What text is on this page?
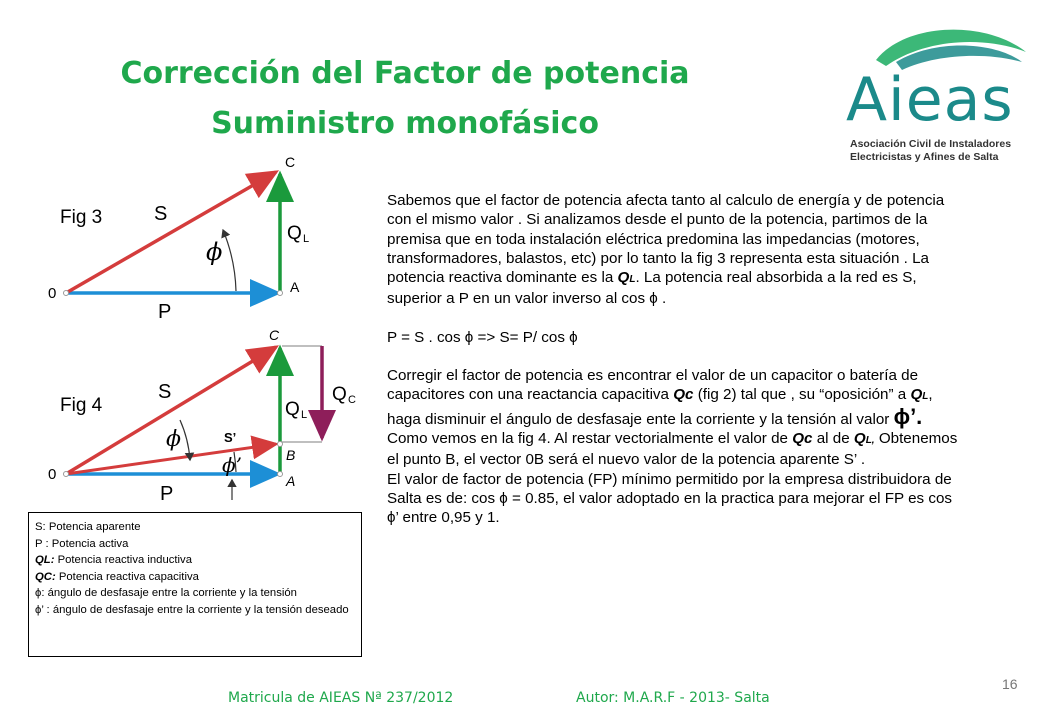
Corrección del Factor de potencia
Suministro monofásico	Aieas
Asociación Civil de Instaladores
Electricistas y Afines de Salta
Fig 3
Fig 4
0
C
A
S
P
Q L
ϕ
0
C
B
A
S
P
Q L
Q C
S’
ϕ
ϕ’

Sabemos que el factor de potencia afecta tanto al calculo de energía y de potencia con el mismo valor . Si analizamos desde el punto de la potencia, partimos de la premisa que en toda instalación eléctrica predomina las impedancias (motores, transformadores, balastos, etc) por lo tanto la fig 3 representa esta situación . La potencia reactiva dominante es la QL. La potencia real absorbida a la red es S, superior a P en un valor inverso al cos ϕ .

P = S . cos ϕ => S= P/ cos ϕ

Corregir el factor de potencia es encontrar el valor de un capacitor o batería de capacitores con una reactancia capacitiva Qc (fig 2) tal que , su “oposición” a QL, haga disminuir el ángulo de desfasaje ente la corriente y la tensión al valor ϕ’. Como vemos en la fig 4. Al restar vectorialmente el valor de Qc al de QL, Obtenemos el punto B, el vector 0B será el nuevo valor de la potencia aparente S’ .

El valor de factor de potencia (FP) mínimo permitido por la empresa distribuidora de Salta es de: cos ϕ = 0.85, el valor adoptado en la practica para mejorar el FP es cos ϕ’ entre 0,95 y 1.

S: Potencia aparente
P : Potencia activa
QL: Potencia reactiva inductiva
QC: Potencia reactiva capacitiva
ϕ: ángulo de desfasaje entre la corriente y la tensión
ϕ’ : ángulo de desfasaje entre la corriente y la tensión deseado
16
Matricula de AIEAS Nª 237/2012	Autor: M.A.R.F - 2013- Salta
